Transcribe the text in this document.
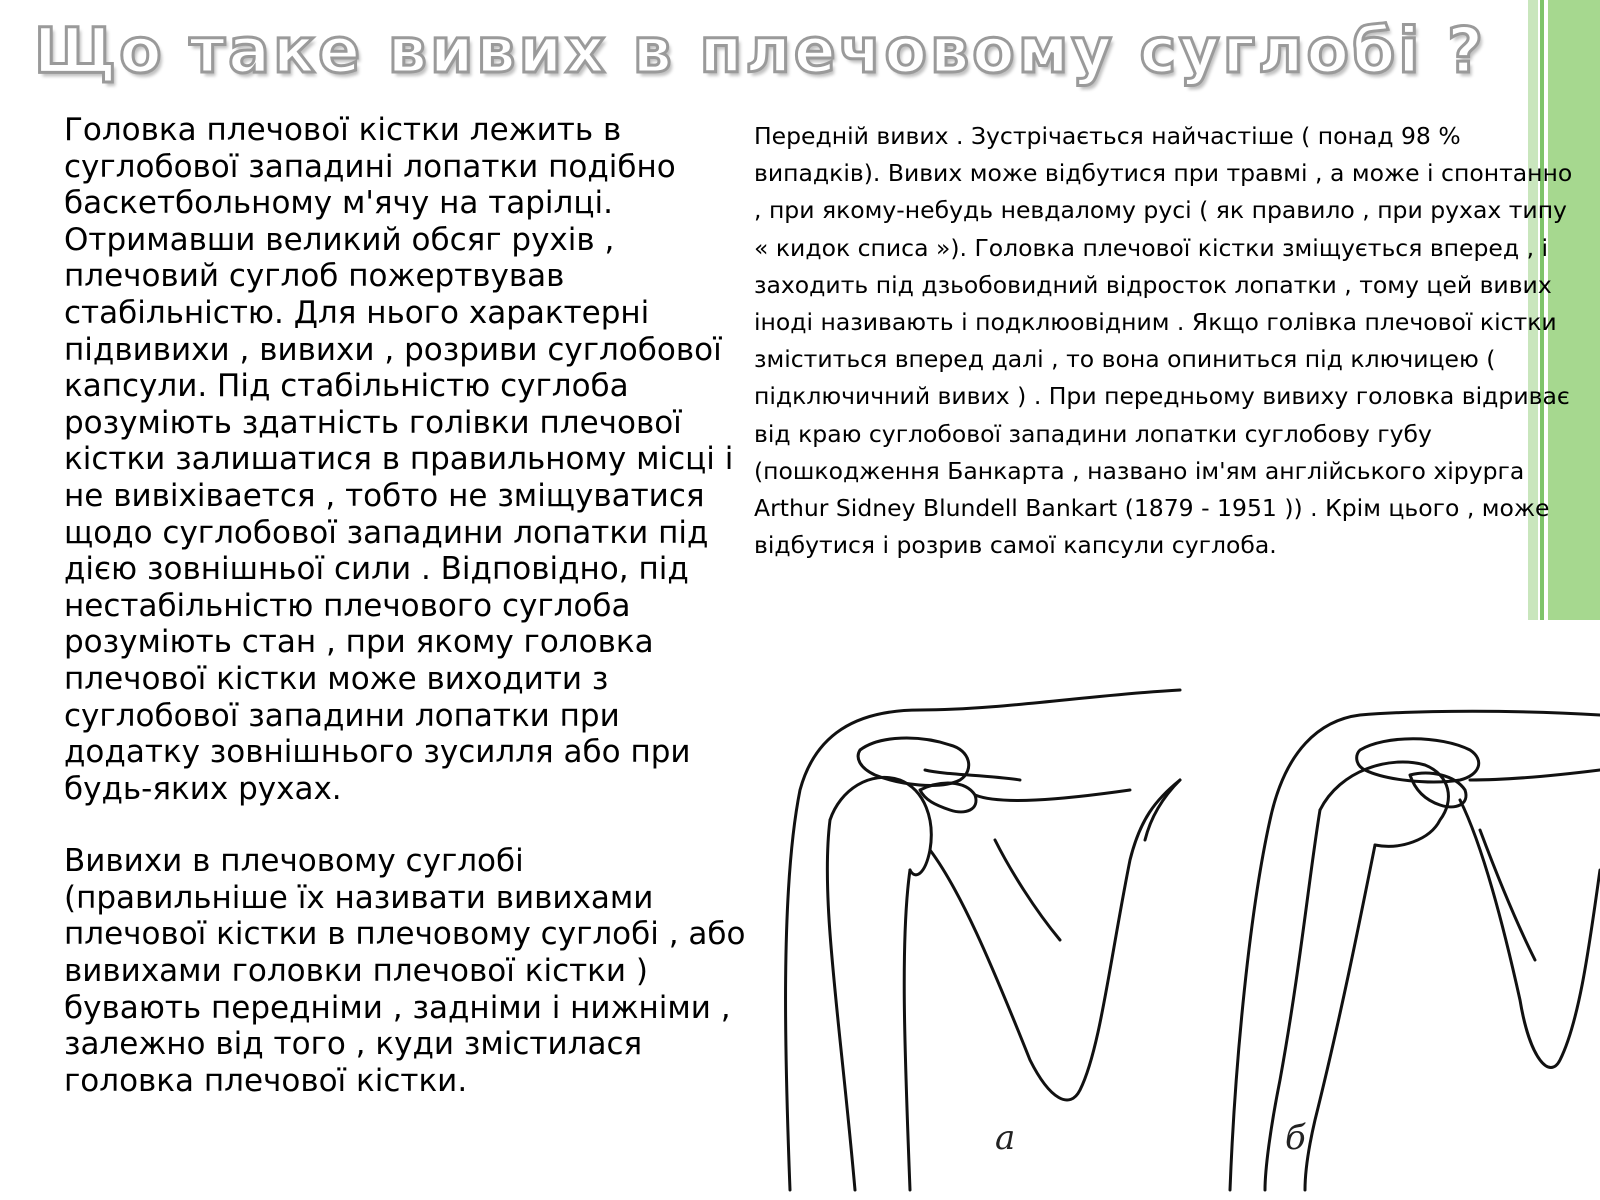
Що таке вивих в плечовому суглобі ?

Головка плечової кістки лежить в суглобової западині лопатки подібно баскетбольному м'ячу на тарілці. Отримавши великий обсяг рухів , плечовий суглоб пожертвував стабільністю. Для нього характерні підвивихи , вивихи , розриви суглобової капсули. Під стабільністю суглоба розуміють здатність голівки плечової кістки залишатися в правильному місці і не вивіхівается , тобто не зміщуватися щодо суглобової западини лопатки під дією зовнішньої сили . Відповідно, під нестабільністю плечового суглоба розуміють стан , при якому головка плечової кістки може виходити з суглобової западини лопатки при додатку зовнішнього зусилля або при будь-яких рухах.

Вивихи в плечовому суглобі (правильніше їх називати вивихами плечової кістки в плечовому суглобі , або вивихами головки плечової кістки ) бувають передніми , задніми і нижніми , залежно від того , куди змістилася головка плечової кістки.

Передній вивих . Зустрічається найчастіше ( понад 98 % випадків). Вивих може відбутися при травмі , а може і спонтанно , при якому-небудь невдалому русі ( як правило , при рухах типу « кидок списа »). Головка плечової кістки зміщується вперед , і заходить під дзьобовидний відросток лопатки , тому цей вивих іноді називають і подклюовідним . Якщо голівка плечової кістки зміститься вперед далі , то вона опиниться під ключицею ( підключичний вивих ) . При передньому вивиху головка відриває від краю суглобової западини лопатки суглобову губу (пошкодження Банкарта , названо ім'ям англійського хірурга Arthur Sidney Blundell Bankart (1879 - 1951 )) . Крім цього , може відбутися і розрив самої капсули суглоба.

а	б
